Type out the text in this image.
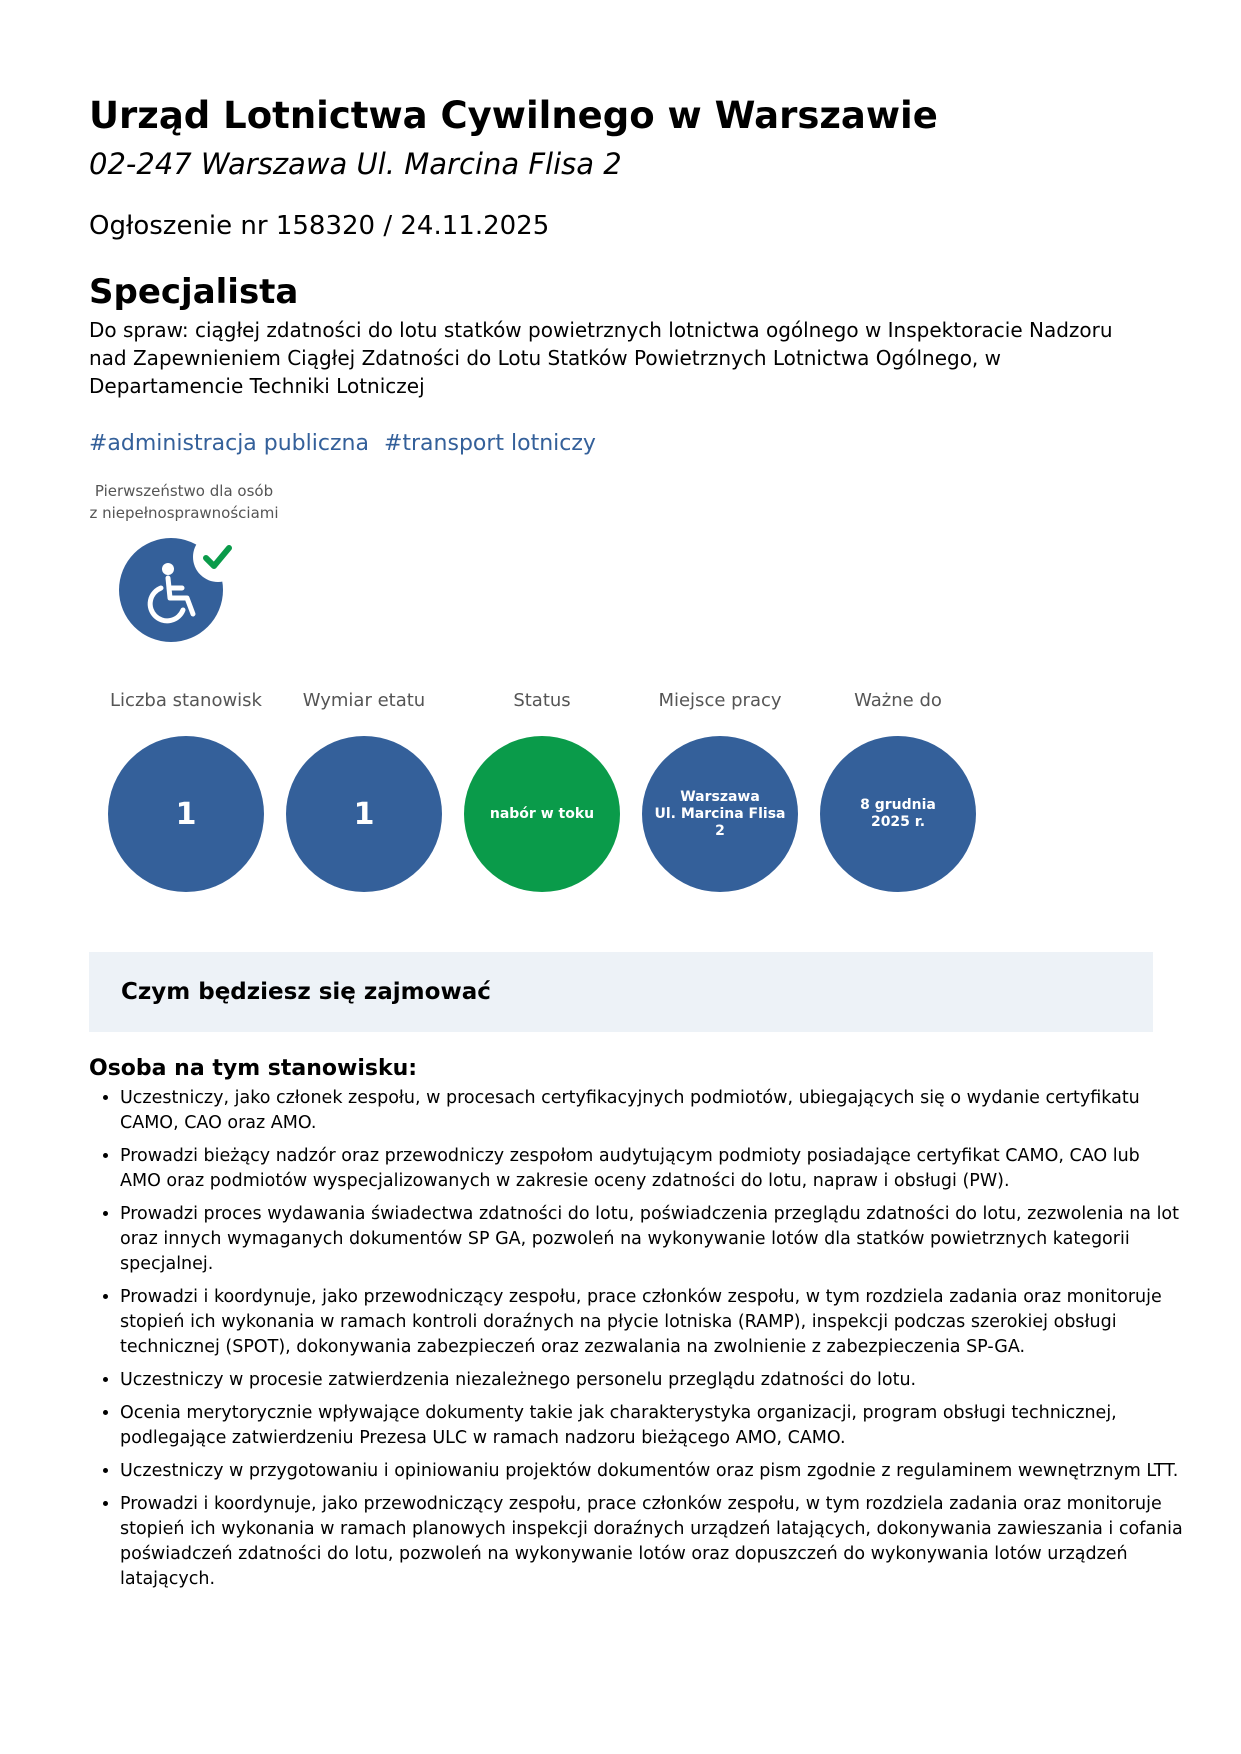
Urząd Lotnictwa Cywilnego w Warszawie
02-247 Warszawa Ul. Marcina Flisa 2
Ogłoszenie nr 158320 / 24.11.2025
Specjalista
Do spraw: ciągłej zdatności do lotu statków powietrznych lotnictwa ogólnego w Inspektoracie Nadzoru nad Zapewnieniem Ciągłej Zdatności do Lotu Statków Powietrznych Lotnictwa Ogólnego, w Departamencie Techniki Lotniczej
#administracja publiczna #transport lotniczy
Pierwszeństwo dla osób z niepełnosprawnościami
Liczba stanowisk
1
Wymiar etatu
1
Status
nabór w toku
Miejsce pracy
Warszawa
Ul. Marcina Flisa 2
Ważne do
8 grudnia
2025 r.
Czym będziesz się zajmować
Osoba na tym stanowisku:
• Uczestniczy, jako członek zespołu, w procesach certyfikacyjnych podmiotów, ubiegających się o wydanie certyfikatu CAMO, CAO oraz AMO.
• Prowadzi bieżący nadzór oraz przewodniczy zespołom audytującym podmioty posiadające certyfikat CAMO, CAO lub AMO oraz podmiotów wyspecjalizowanych w zakresie oceny zdatności do lotu, napraw i obsługi (PW).
• Prowadzi proces wydawania świadectwa zdatności do lotu, poświadczenia przeglądu zdatności do lotu, zezwolenia na lot oraz innych wymaganych dokumentów SP GA, pozwoleń na wykonywanie lotów dla statków powietrznych kategorii specjalnej.
• Prowadzi i koordynuje, jako przewodniczący zespołu, prace członków zespołu, w tym rozdziela zadania oraz monitoruje stopień ich wykonania w ramach kontroli doraźnych na płycie lotniska (RAMP), inspekcji podczas szerokiej obsługi technicznej (SPOT), dokonywania zabezpieczeń oraz zezwalania na zwolnienie z zabezpieczenia SP-GA.
• Uczestniczy w procesie zatwierdzenia niezależnego personelu przeglądu zdatności do lotu.
• Ocenia merytorycznie wpływające dokumenty takie jak charakterystyka organizacji, program obsługi technicznej, podlegające zatwierdzeniu Prezesa ULC w ramach nadzoru bieżącego AMO, CAMO.
• Uczestniczy w przygotowaniu i opiniowaniu projektów dokumentów oraz pism zgodnie z regulaminem wewnętrznym LTT.
• Prowadzi i koordynuje, jako przewodniczący zespołu, prace członków zespołu, w tym rozdziela zadania oraz monitoruje stopień ich wykonania w ramach planowych inspekcji doraźnych urządzeń latających, dokonywania zawieszania i cofania poświadczeń zdatności do lotu, pozwoleń na wykonywanie lotów oraz dopuszczeń do wykonywania lotów urządzeń latających.
